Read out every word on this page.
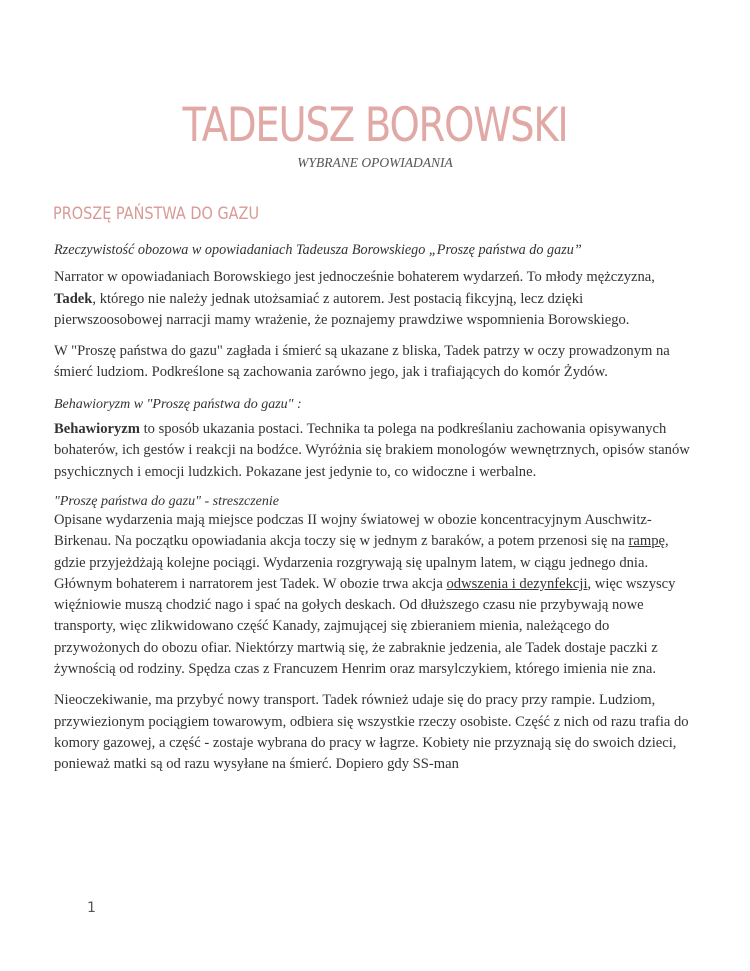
TADEUSZ BOROWSKI
WYBRANE OPOWIADANIA
PROSZĘ PAŃSTWA DO GAZU

Rzeczywistość obozowa w opowiadaniach Tadeusza Borowskiego „Proszę państwa do gazu”

Narrator w opowiadaniach Borowskiego jest jednocześnie bohaterem wydarzeń. To młody mężczyzna, Tadek, którego nie należy jednak utożsamiać z autorem. Jest postacią fikcyjną, lecz dzięki pierwszoosobowej narracji mamy wrażenie, że poznajemy prawdziwe wspomnienia Borowskiego.

W "Proszę państwa do gazu" zagłada i śmierć są ukazane z bliska, Tadek patrzy w oczy prowadzonym na śmierć ludziom. Podkreślone są zachowania zarówno jego, jak i trafiających do komór Żydów.

Behawioryzm w "Proszę państwa do gazu" :

Behawioryzm to sposób ukazania postaci. Technika ta polega na podkreślaniu zachowania opisywanych bohaterów, ich gestów i reakcji na bodźce. Wyróżnia się brakiem monologów wewnętrznych, opisów stanów psychicznych i emocji ludzkich. Pokazane jest jedynie to, co widoczne i werbalne.

"Proszę państwa do gazu" - streszczenie

Opisane wydarzenia mają miejsce podczas II wojny światowej w obozie koncentracyjnym Auschwitz-Birkenau. Na początku opowiadania akcja toczy się w jednym z baraków, a potem przenosi się na rampę, gdzie przyjeżdżają kolejne pociągi. Wydarzenia rozgrywają się upalnym latem, w ciągu jednego dnia. Głównym bohaterem i narratorem jest Tadek. W obozie trwa akcja odwszenia i dezynfekcji, więc wszyscy więźniowie muszą chodzić nago i spać na gołych deskach. Od dłuższego czasu nie przybywają nowe transporty, więc zlikwidowano część Kanady, zajmującej się zbieraniem mienia, należącego do przywożonych do obozu ofiar. Niektórzy martwią się, że zabraknie jedzenia, ale Tadek dostaje paczki z żywnością od rodziny. Spędza czas z Francuzem Henrim oraz marsylczykiem, którego imienia nie zna.

Nieoczekiwanie, ma przybyć nowy transport. Tadek również udaje się do pracy przy rampie. Ludziom, przywiezionym pociągiem towarowym, odbiera się wszystkie rzeczy osobiste. Część z nich od razu trafia do komory gazowej, a część - zostaje wybrana do pracy w łagrze. Kobiety nie przyznają się do swoich dzieci, ponieważ matki są od razu wysyłane na śmierć. Dopiero gdy SS-man

1
